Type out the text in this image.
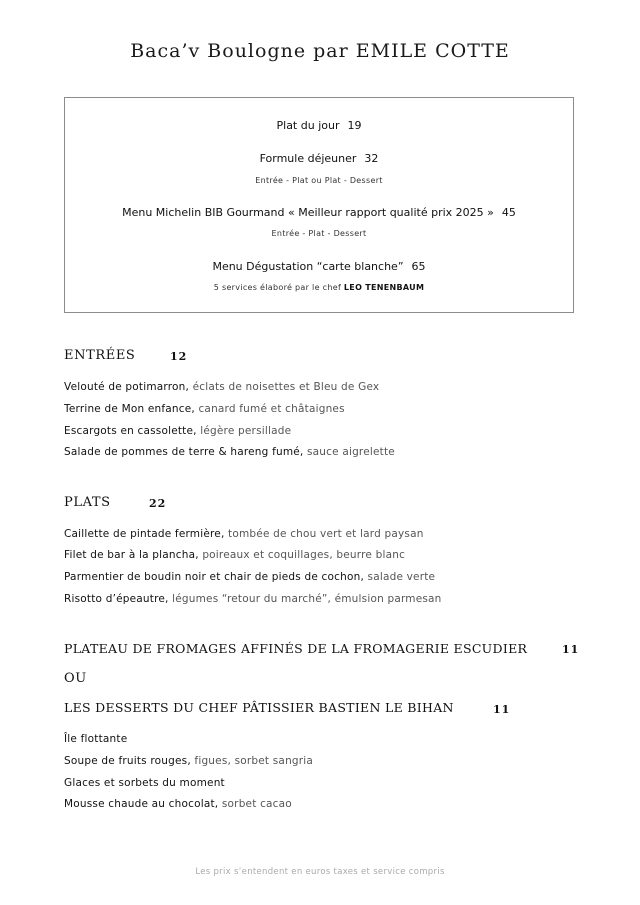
Baca’v Boulogne par EMILE COTTE
Plat du jour 19
Formule déjeuner 32
Entrée - Plat ou Plat - Dessert
Menu Michelin BIB Gourmand « Meilleur rapport qualité prix 2025 » 45
Entrée - Plat - Dessert
Menu Dégustation “carte blanche” 65
5 services élaboré par le chef LEO TENENBAUM
ENTRÉES	12
Velouté de potimarron, éclats de noisettes et Bleu de Gex
Terrine de Mon enfance, canard fumé et châtaignes
Escargots en cassolette, légère persillade
Salade de pommes de terre & hareng fumé, sauce aigrelette
PLATS	22
Caillette de pintade fermière, tombée de chou vert et lard paysan
Filet de bar à la plancha, poireaux et coquillages, beurre blanc
Parmentier de boudin noir et chair de pieds de cochon, salade verte
Risotto d’épeautre, légumes “retour du marché”, émulsion parmesan
PLATEAU DE FROMAGES AFFINÉS DE LA FROMAGERIE ESCUDIER	11
OU
LES DESSERTS DU CHEF PÂTISSIER BASTIEN LE BIHAN	11
Île flottante
Soupe de fruits rouges, figues, sorbet sangria
Glaces et sorbets du moment
Mousse chaude au chocolat, sorbet cacao
Les prix s’entendent en euros taxes et service compris
